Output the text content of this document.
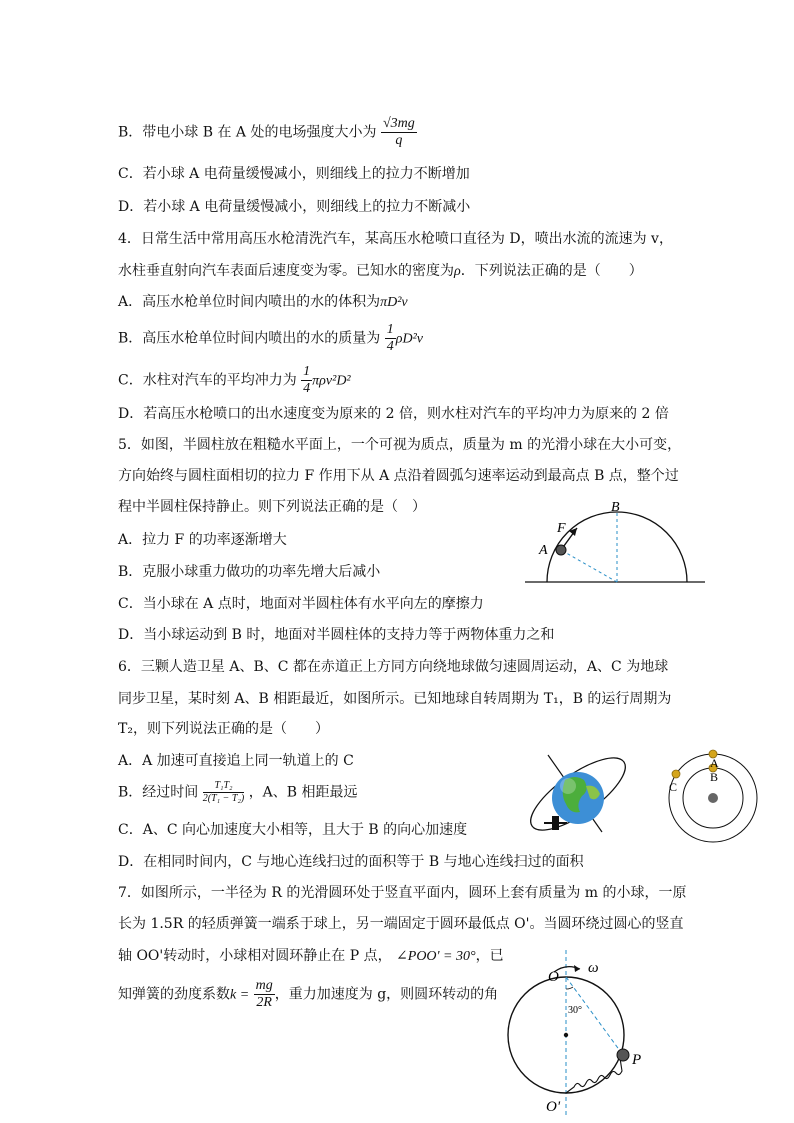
B．带电小球 B 在 A 处的电场强度大小为 $\frac{√3mg}{q}$
C．若小球 A 电荷量缓慢减小，则细线上的拉力不断增加
D．若小球 A 电荷量缓慢减小，则细线上的拉力不断减小
4．日常生活中常用高压水枪清洗汽车，某高压水枪喷口直径为 D，喷出水流的流速为 v，
水柱垂直射向汽车表面后速度变为零。已知水的密度为ρ．下列说法正确的是（　　）
A．高压水枪单位时间内喷出的水的体积为πD²v
B．高压水枪单位时间内喷出的水的质量为 $\frac{1}{4} \rho D^2v$
C．水柱对汽车的平均冲力为 $\frac{1}{4} \pi\rho v^2D^2$
D．若高压水枪喷口的出水速度变为原来的 2 倍，则水柱对汽车的平均冲力为原来的 2 倍
5．如图，半圆柱放在粗糙水平面上，一个可视为质点，质量为 m 的光滑小球在大小可变，
方向始终与圆柱面相切的拉力 F 作用下从 A 点沿着圆弧匀速率运动到最高点 B 点，整个过
程中半圆柱保持静止。则下列说法正确的是（　）
A．拉力 F 的功率逐渐增大
B．克服小球重力做功的功率先增大后减小
C．当小球在 A 点时，地面对半圆柱体有水平向左的摩擦力
D．当小球运动到 B 时，地面对半圆柱体的支持力等于两物体重力之和
F
A
B
6．三颗人造卫星 A、B、C 都在赤道正上方同方向绕地球做匀速圆周运动，A、C 为地球
同步卫星，某时刻 A、B 相距最近，如图所示。已知地球自转周期为 T₁，B 的运行周期为
T₂，则下列说法正确的是（　　）
A．A 加速可直接追上同一轨道上的 C
B．经过时间 $\frac{\text{T₁T₂}}{\text{2(T₁ − T₂)}}$ ，A、B 相距最远
C．A、C 向心加速度大小相等，且大于 B 的向心加速度
D．在相同时间内，C 与地心连线扫过的面积等于 B 与地心连线扫过的面积
A
B
C
7．如图所示，一半径为 R 的光滑圆环处于竖直平面内，圆环上套有质量为 m 的小球，一原
长为 1.5R 的轻质弹簧一端系于球上，另一端固定于圆环最低点 O'。当圆环绕过圆心的竖直
轴 OO'转动时，小球相对圆环静止在 P 点， ∠POO' = 30°，已
知弹簧的劲度系数$k = \frac{mg}{2R}$ ，重力加速度为 g，则圆环转动的角
O
ω
30°
P
O'
